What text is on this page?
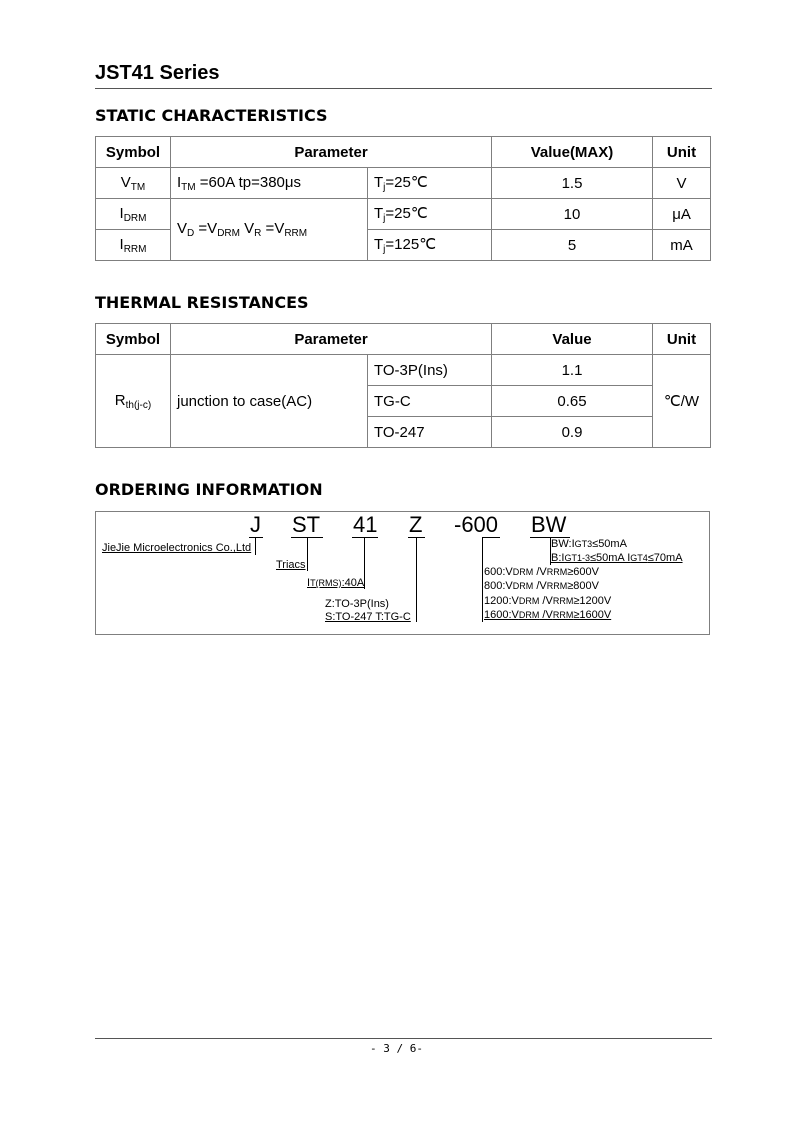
JST41 Series
STATIC CHARACTERISTICS
Symbol	Parameter		Value(MAX)	Unit
$V_{TM}$	$I_{TM} =60A$ tp=380μs	$T_j=25℃$	1.5	V
$I_{DRM}$	$V_D =V_{DRM}$ $V_R =V_{RRM}$	$T_j=25℃$	10	μA
$I_{RRM}$		$T_j=125℃$	5	mA
THERMAL RESISTANCES
Symbol	Parameter		Value	Unit
$R_{th(j-c)}$	junction to case(AC)	TO-3P(Ins)	1.1	℃/W
		TG-C	0.65	
		TO-247	0.9	
ORDERING INFORMATION
J ST 41 Z -600 BW
JieJie Microelectronics Co.,Ltd
Triacs
IT(RMS):40A
Z:TO-3P(Ins)
S:TO-247 T:TG-C
BW:IGT3≤50mA
B:IGT1-3≤50mA IGT4≤70mA
600:VDRM /VRRM≥600V
800:VDRM /VRRM≥800V
1200:VDRM /VRRM≥1200V
1600:VDRM /VRRM≥1600V
- 3 / 6-
